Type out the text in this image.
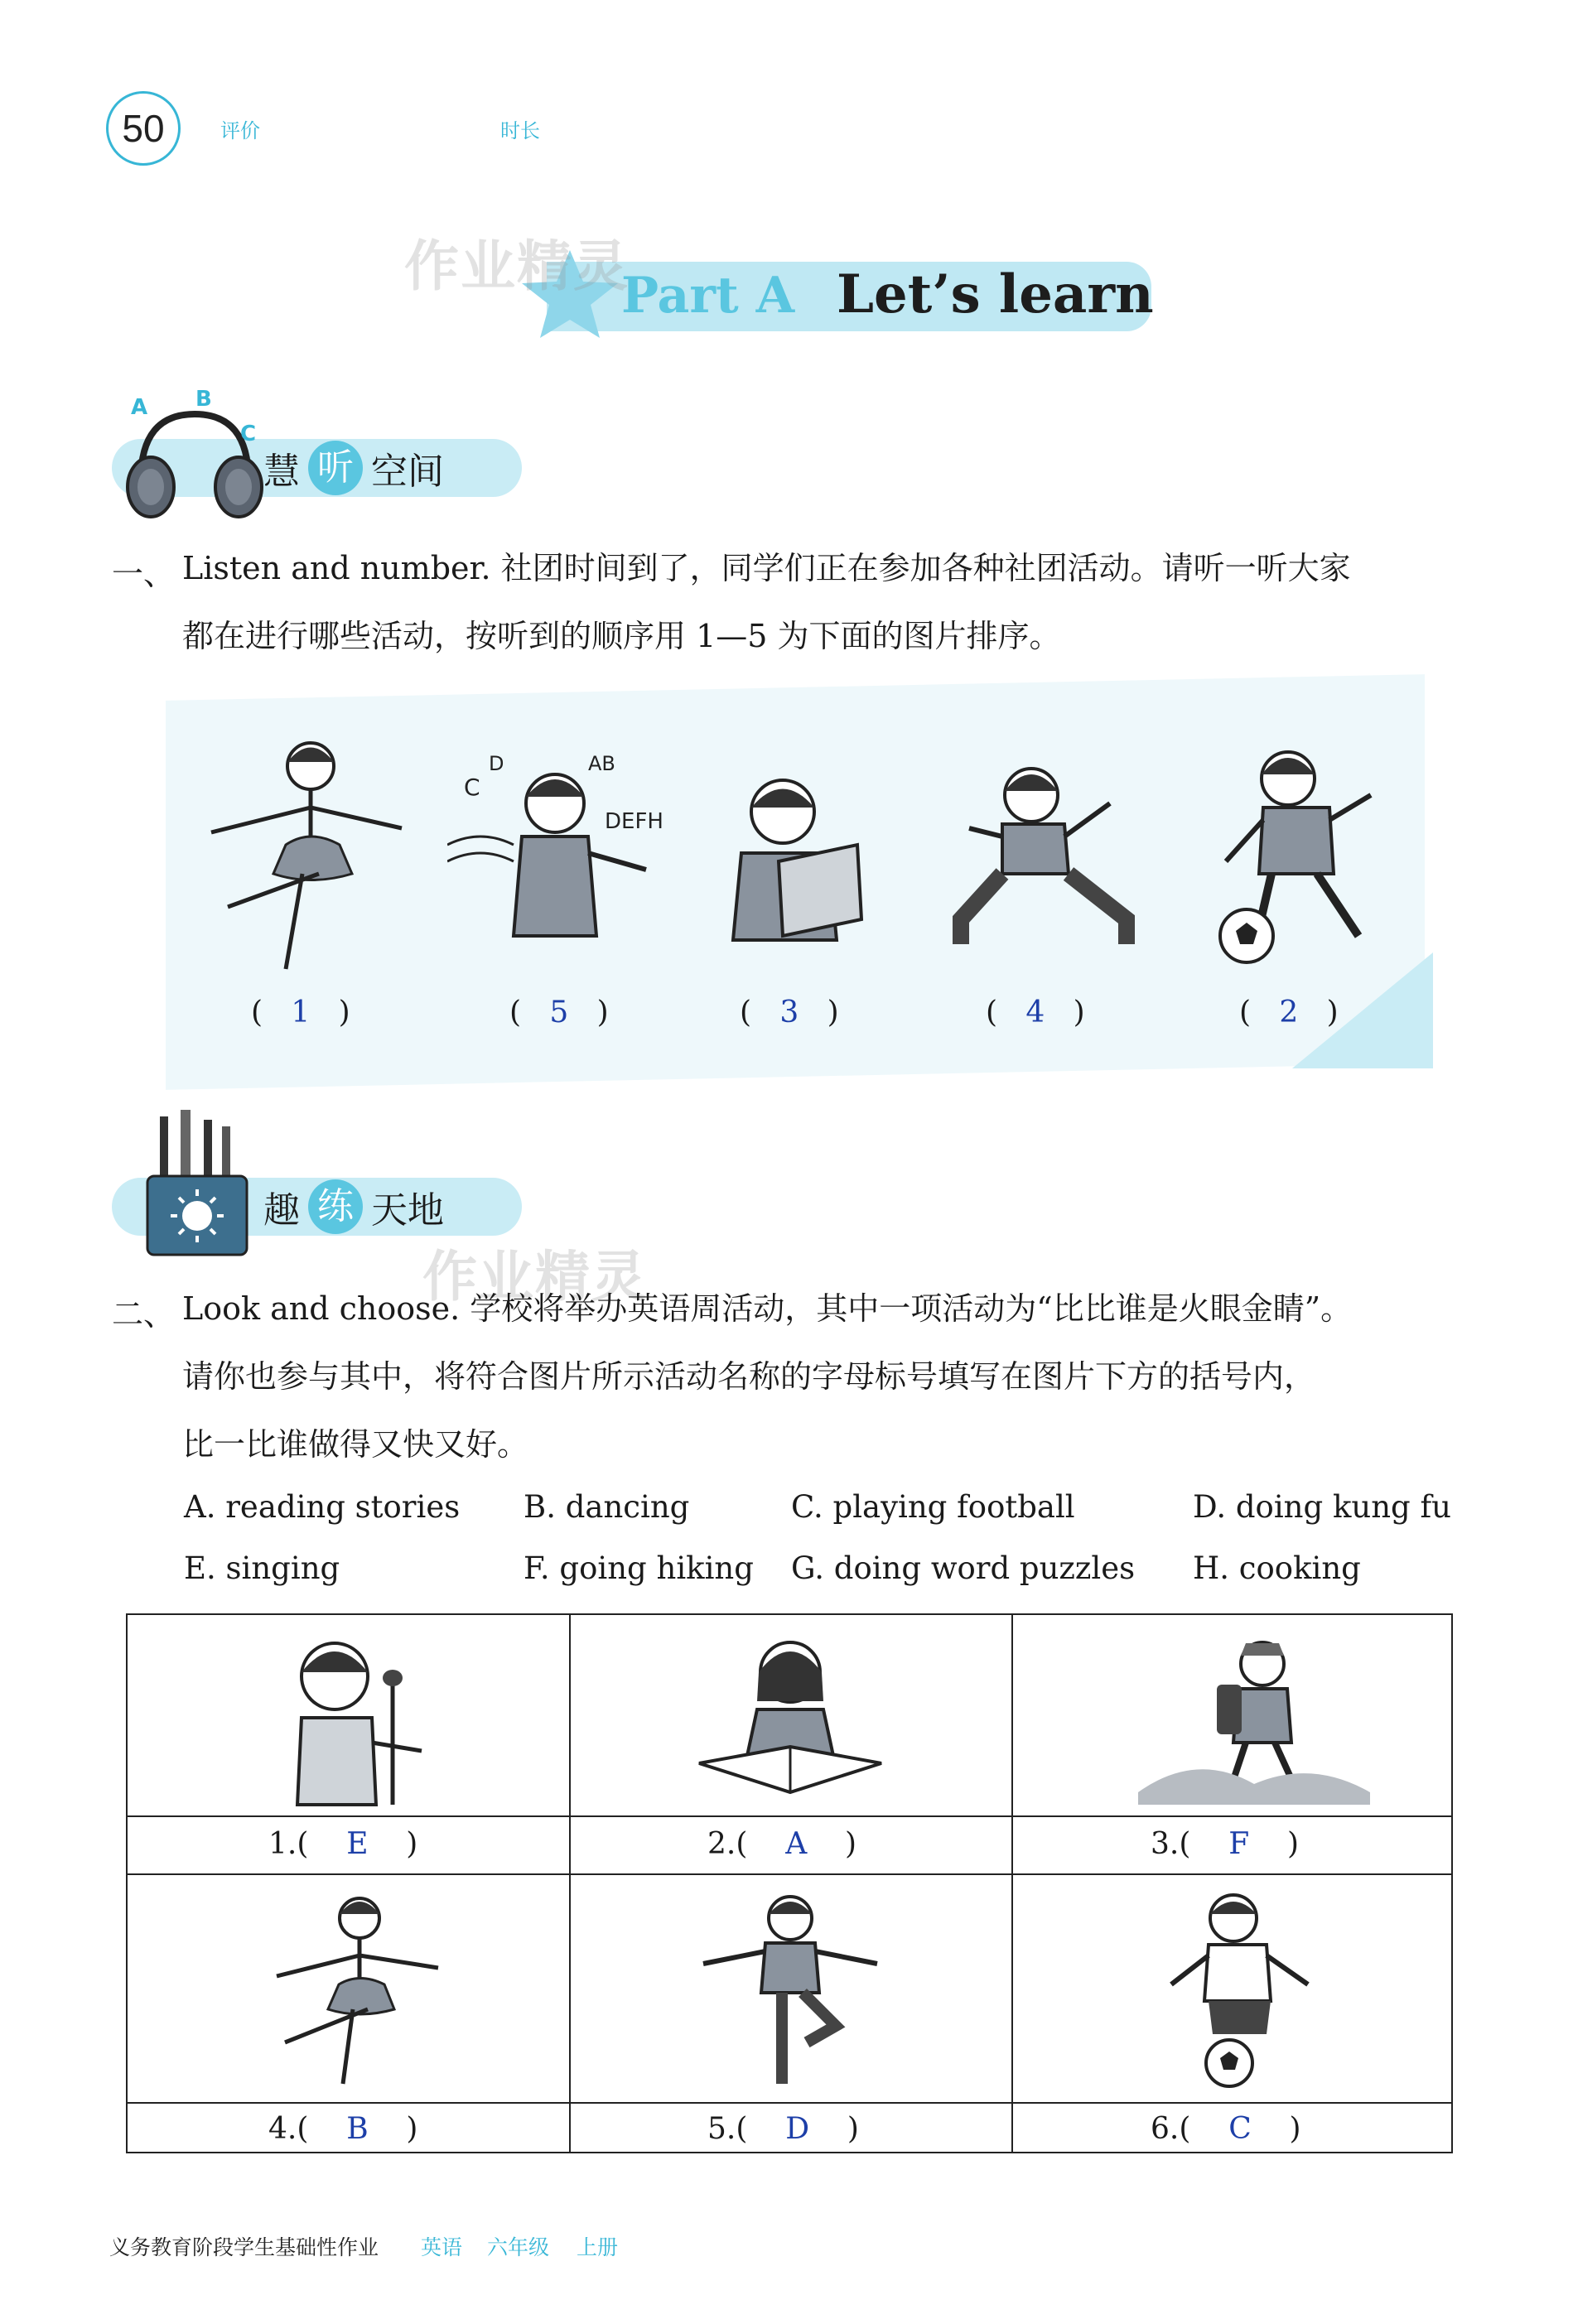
50	评价	时长
Part A Let’s learn
作业精灵
A B
C
慧 听 空间
一、 Listen and number. 社团时间到了，同学们正在参加各种社团活动。请听一听大家
都在进行哪些活动，按听到的顺序用 1—5 为下面的图片排序。
C
D	AB
DEFH
(   1   )	(   5   )	(   3   )	(   4   )	(   2   )
趣 练 天地
作业精灵
二、 Look and choose. 学校将举办英语周活动，其中一项活动为“比比谁是火眼金睛”。
请你也参与其中，将符合图片所示活动名称的字母标号填写在图片下方的括号内，
比一比谁做得又快又好。
A. reading stories B. dancing	C. playing football	D. doing kung fu
E. singing	F. going hiking G. doing word puzzles H. cooking
1.(    E    )	2.(    A    )	3.(    F    )
4.(    B    )	5.(    D    )	6.(    C    )
义务教育阶段学生基础性作业 英语 六年级 上册
